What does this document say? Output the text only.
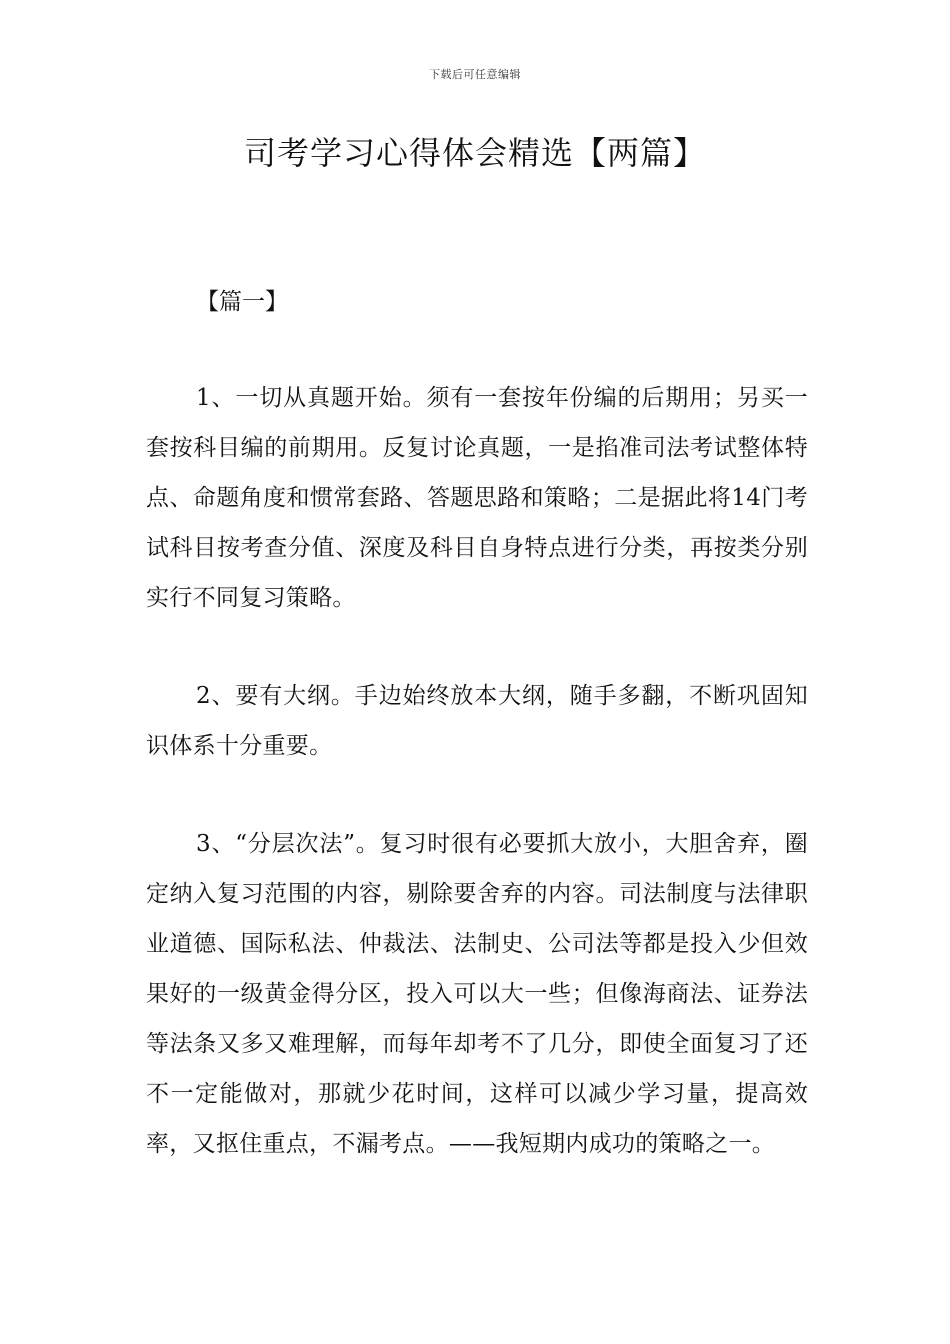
下载后可任意编辑
司考学习心得体会精选【两篇】
【篇一】

1、一切从真题开始。须有一套按年份编的后期用；另买一套按科目编的前期用。反复讨论真题，一是掐准司法考试整体特点、命题角度和惯常套路、答题思路和策略；二是据此将14门考试科目按考查分值、深度及科目自身特点进行分类，再按类分别实行不同复习策略。

2、要有大纲。手边始终放本大纲，随手多翻，不断巩固知识体系十分重要。

3、“分层次法”。复习时很有必要抓大放小，大胆舍弃，圈定纳入复习范围的内容，剔除要舍弃的内容。司法制度与法律职业道德、国际私法、仲裁法、法制史、公司法等都是投入少但效果好的一级黄金得分区，投入可以大一些；但像海商法、证券法等法条又多又难理解，而每年却考不了几分，即使全面复习了还不一定能做对，那就少花时间，这样可以减少学习量，提高效率，又抠住重点，不漏考点。——我短期内成功的策略之一。
